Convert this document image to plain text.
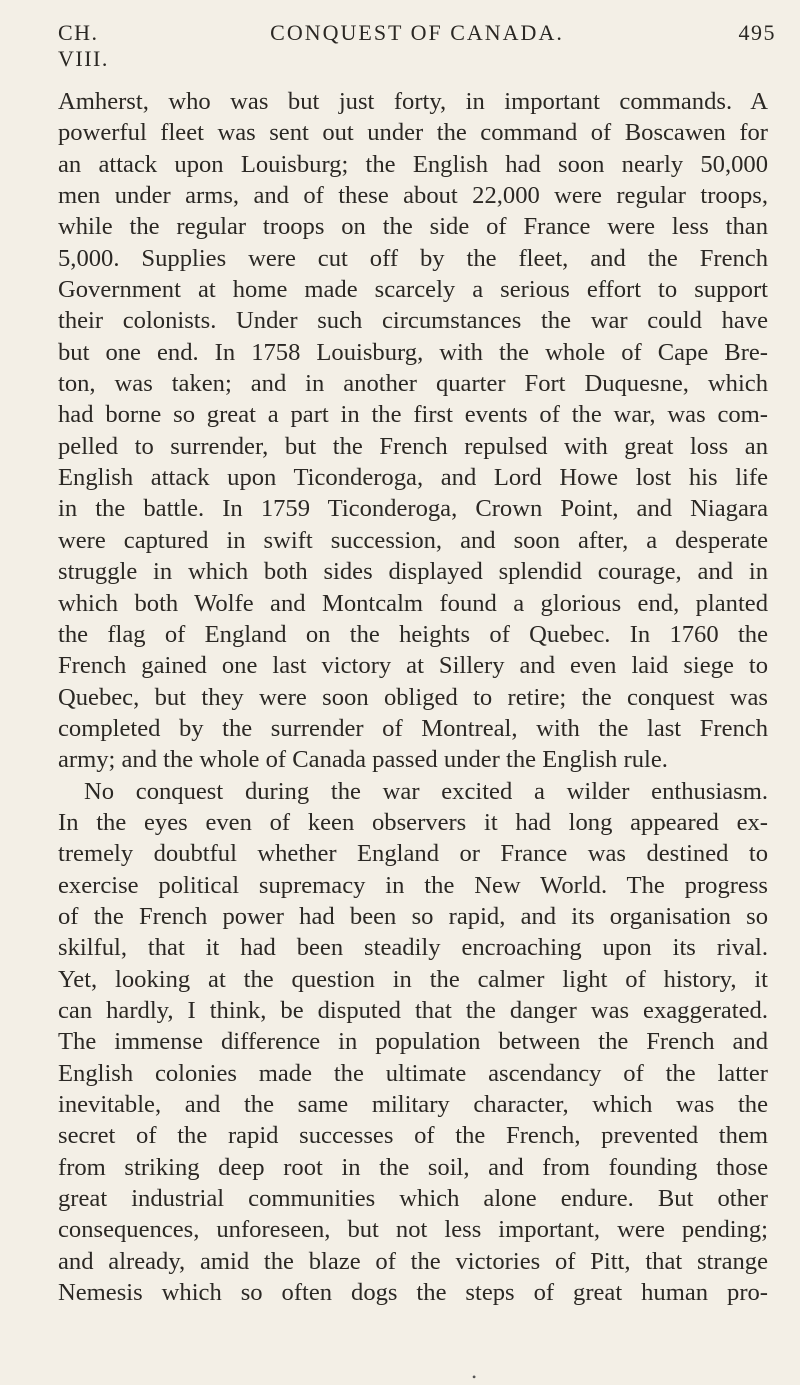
CH. VIII.
CONQUEST OF CANADA.	495
Amherst, who was but just forty, in important commands. A
powerful fleet was sent out under the command of Boscawen for
an attack upon Louisburg; the English had soon nearly 50,000
men under arms, and of these about 22,000 were regular troops,
while the regular troops on the side of France were less than
5,000. Supplies were cut off by the fleet, and the French
Government at home made scarcely a serious effort to support
their colonists. Under such circumstances the war could have
but one end. In 1758 Louisburg, with the whole of Cape Bre-
ton, was taken; and in another quarter Fort Duquesne, which
had borne so great a part in the first events of the war, was com-
pelled to surrender, but the French repulsed with great loss an
English attack upon Ticonderoga, and Lord Howe lost his life
in the battle. In 1759 Ticonderoga, Crown Point, and Niagara
were captured in swift succession, and soon after, a desperate
struggle in which both sides displayed splendid courage, and in
which both Wolfe and Montcalm found a glorious end, planted
the flag of England on the heights of Quebec. In 1760 the
French gained one last victory at Sillery and even laid siege to
Quebec, but they were soon obliged to retire; the conquest was
completed by the surrender of Montreal, with the last French
army; and the whole of Canada passed under the English rule.
No conquest during the war excited a wilder enthusiasm.
In the eyes even of keen observers it had long appeared ex-
tremely doubtful whether England or France was destined to
exercise political supremacy in the New World. The progress
of the French power had been so rapid, and its organisation so
skilful, that it had been steadily encroaching upon its rival.
Yet, looking at the question in the calmer light of history, it
can hardly, I think, be disputed that the danger was exaggerated.
The immense difference in population between the French and
English colonies made the ultimate ascendancy of the latter
inevitable, and the same military character, which was the
secret of the rapid successes of the French, prevented them
from striking deep root in the soil, and from founding those
great industrial communities which alone endure. But other
consequences, unforeseen, but not less important, were pending;
and already, amid the blaze of the victories of Pitt, that strange
Nemesis which so often dogs the steps of great human pro-
•
